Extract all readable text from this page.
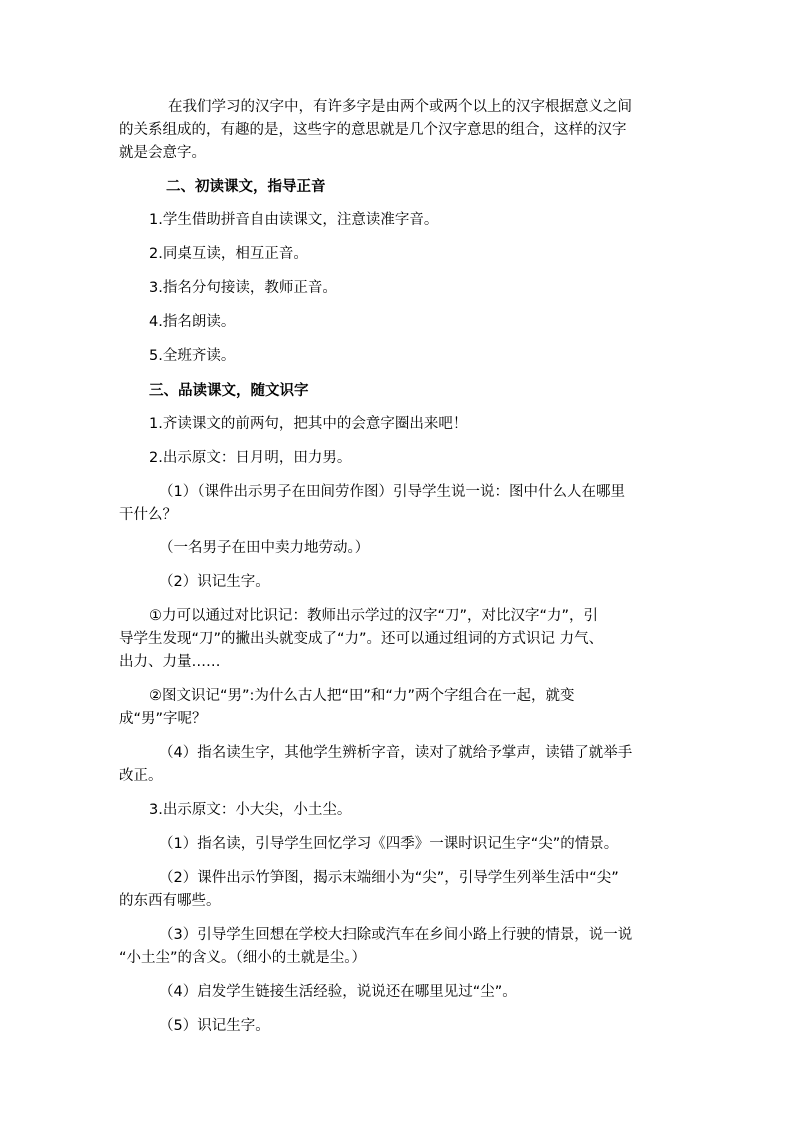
在我们学习的汉字中，有许多字是由两个或两个以上的汉字根据意义之间

的关系组成的，有趣的是，这些字的意思就是几个汉字意思的组合，这样的汉字

就是会意字。

二、初读课文，指导正音

1.学生借助拼音自由读课文，注意读准字音。

2.同桌互读，相互正音。

3.指名分句接读，教师正音。

4.指名朗读。

5.全班齐读。

三、品读课文，随文识字

1.齐读课文的前两句，把其中的会意字圈出来吧！

2.出示原文：日月明，田力男。

（1）（课件出示男子在田间劳作图）引导学生说一说：图中什么人在哪里

干什么？

（一名男子在田中卖力地劳动。）

（2）识记生字。

①力可以通过对比识记：教师出示学过的汉字“刀”，对比汉字“力”，引

导学生发现“刀”的撇出头就变成了“力”。还可以通过组词的方式识记 力气、

出力、力量……

②图文识记“男”:为什么古人把“田”和“力”两个字组合在一起，就变

成“男”字呢？

（4）指名读生字，其他学生辨析字音，读对了就给予掌声，读错了就举手

改正。

3.出示原文：小大尖，小土尘。

（1）指名读，引导学生回忆学习《四季》一课时识记生字“尖”的情景。

（2）课件出示竹笋图，揭示末端细小为“尖”，引导学生列举生活中“尖”

的东西有哪些。

（3）引导学生回想在学校大扫除或汽车在乡间小路上行驶的情景，说一说

“小土尘”的含义。（细小的土就是尘。）

（4）启发学生链接生活经验，说说还在哪里见过“尘”。

（5）识记生字。
